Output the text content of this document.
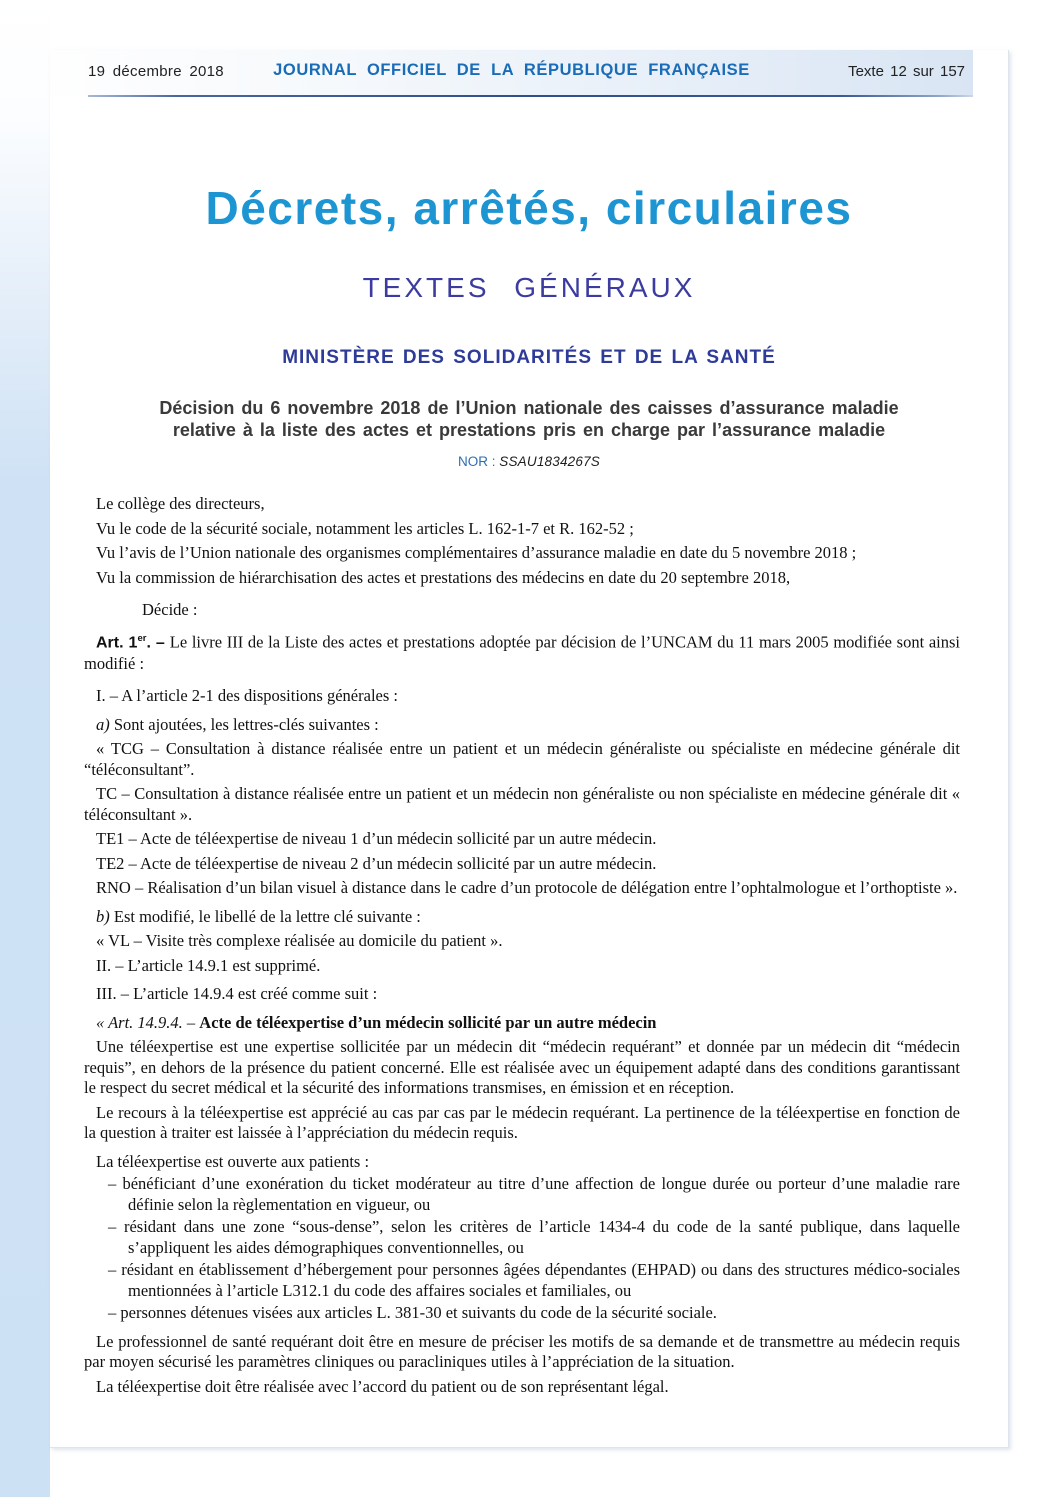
19 décembre 2018	JOURNAL OFFICIEL DE LA RÉPUBLIQUE FRANÇAISE	Texte 12 sur 157
Décrets, arrêtés, circulaires
TEXTES GÉNÉRAUX
MINISTÈRE DES SOLIDARITÉS ET DE LA SANTÉ
Décision du 6 novembre 2018 de l’Union nationale des caisses d’assurance maladie
relative à la liste des actes et prestations pris en charge par l’assurance maladie
NOR : SSAU1834267S

Le collège des directeurs,

Vu le code de la sécurité sociale, notamment les articles L. 162-1-7 et R. 162-52 ;

Vu l’avis de l’Union nationale des organismes complémentaires d’assurance maladie en date du 5 novembre 2018 ;

Vu la commission de hiérarchisation des actes et prestations des médecins en date du 20 septembre 2018,

Décide :

Art. 1er. – Le livre III de la Liste des actes et prestations adoptée par décision de l’UNCAM du 11 mars 2005 modifiée sont ainsi modifié :

I. – A l’article 2-1 des dispositions générales :

a) Sont ajoutées, les lettres-clés suivantes :

« TCG – Consultation à distance réalisée entre un patient et un médecin généraliste ou spécialiste en médecine générale dit “téléconsultant”.

TC – Consultation à distance réalisée entre un patient et un médecin non généraliste ou non spécialiste en médecine générale dit « téléconsultant ».

TE1 – Acte de téléexpertise de niveau 1 d’un médecin sollicité par un autre médecin.

TE2 – Acte de téléexpertise de niveau 2 d’un médecin sollicité par un autre médecin.

RNO – Réalisation d’un bilan visuel à distance dans le cadre d’un protocole de délégation entre l’ophtalmologue et l’orthoptiste ».

b) Est modifié, le libellé de la lettre clé suivante :

« VL – Visite très complexe réalisée au domicile du patient ».

II. – L’article 14.9.1 est supprimé.

III. – L’article 14.9.4 est créé comme suit :

« Art. 14.9.4. – Acte de téléexpertise d’un médecin sollicité par un autre médecin

Une téléexpertise est une expertise sollicitée par un médecin dit “médecin requérant” et donnée par un médecin dit “médecin requis”, en dehors de la présence du patient concerné. Elle est réalisée avec un équipement adapté dans des conditions garantissant le respect du secret médical et la sécurité des informations transmises, en émission et en réception.

Le recours à la téléexpertise est apprécié au cas par cas par le médecin requérant. La pertinence de la téléexpertise en fonction de la question à traiter est laissée à l’appréciation du médecin requis.

La téléexpertise est ouverte aux patients :

– bénéficiant d’une exonération du ticket modérateur au titre d’une affection de longue durée ou porteur d’une maladie rare définie selon la règlementation en vigueur, ou

– résidant dans une zone “sous-dense”, selon les critères de l’article 1434-4 du code de la santé publique, dans laquelle s’appliquent les aides démographiques conventionnelles, ou

– résidant en établissement d’hébergement pour personnes âgées dépendantes (EHPAD) ou dans des structures médico-sociales mentionnées à l’article L312.1 du code des affaires sociales et familiales, ou

– personnes détenues visées aux articles L. 381-30 et suivants du code de la sécurité sociale.

Le professionnel de santé requérant doit être en mesure de préciser les motifs de sa demande et de transmettre au médecin requis par moyen sécurisé les paramètres cliniques ou paracliniques utiles à l’appréciation de la situation.

La téléexpertise doit être réalisée avec l’accord du patient ou de son représentant légal.
